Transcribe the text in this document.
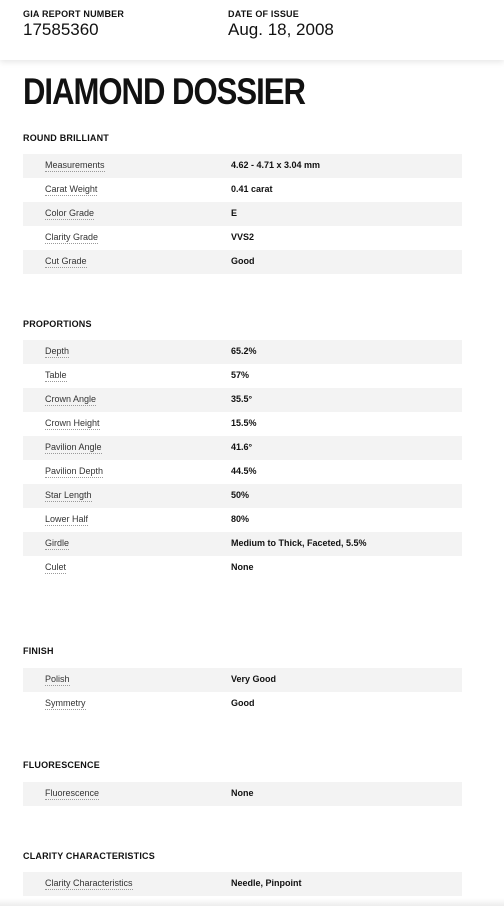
GIA REPORT NUMBER
17585360
DATE OF ISSUE
Aug. 18, 2008
DIAMOND DOSSIER
ROUND BRILLIANT
Measurements	4.62 - 4.71 x 3.04 mm
Carat Weight	0.41 carat
Color Grade	E
Clarity Grade	VVS2
Cut Grade	Good
PROPORTIONS
Depth	65.2%
Table	57%
Crown Angle	35.5°
Crown Height	15.5%
Pavilion Angle	41.6°
Pavilion Depth	44.5%
Star Length	50%
Lower Half	80%
Girdle	Medium to Thick, Faceted, 5.5%
Culet	None
FINISH
Polish	Very Good
Symmetry	Good
FLUORESCENCE
Fluorescence	None
CLARITY CHARACTERISTICS
Clarity Characteristics	Needle, Pinpoint
